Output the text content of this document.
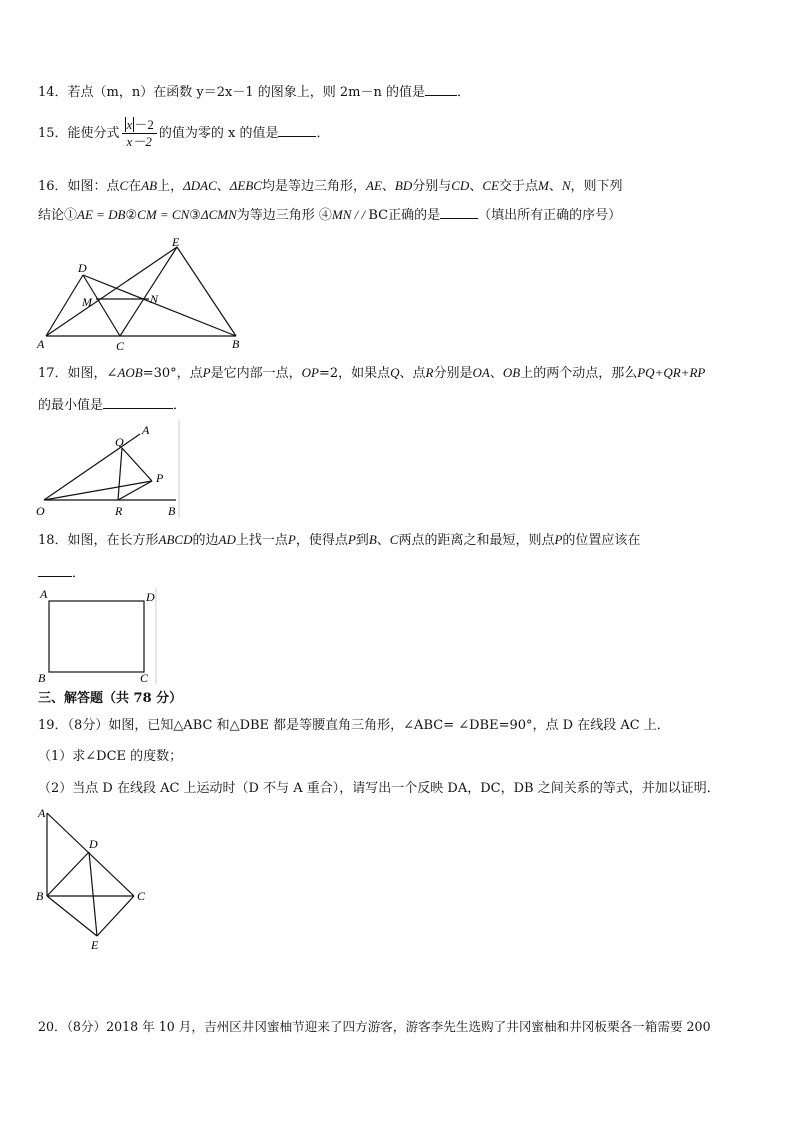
14．若点（m，n）在函数 y＝2x－1 的图象上，则 2m－n 的值是 ．
15．能使分式 $\frac{x -2}{x-2}$ 的值为零的 x 的值是	．
16．如图：点C在AB上，ΔDAC、ΔEBC均是等边三角形，AE、BD分别与CD、CE交于点M、N，则下列
结论①AE = DB②CM = CN③ΔCMN为等边三角形 ④MN / / BC正确的是	（填出所有正确的序号）
A	C	B
D
E
M	N
17．如图，∠AOB=30°，点P是它内部一点，OP=2，如果点Q、点R分别是OA、OB上的两个动点，那么PQ+QR+RP
的最小值是	．
O
A
Q
P
R	B
18．如图，在长方形ABCD的边AD上找一点P，使得点P到B、C两点的距离之和最短，则点P的位置应该在
．
A	D
B	C
三、解答题（共 78 分）
19．（8分）如图，已知△ABC 和△DBE 都是等腰直角三角形，∠ABC= ∠DBE=90°，点 D 在线段 AC 上．
（1）求∠DCE 的度数；
（2）当点 D 在线段 AC 上运动时（D 不与 A 重合），请写出一个反映 DA，DC，DB 之间关系的等式，并加以证明．
A
D
B	C
E
20．（8分）2018 年 10 月，吉州区井冈蜜柚节迎来了四方游客，游客李先生选购了井冈蜜柚和井冈板栗各一箱需要 200
